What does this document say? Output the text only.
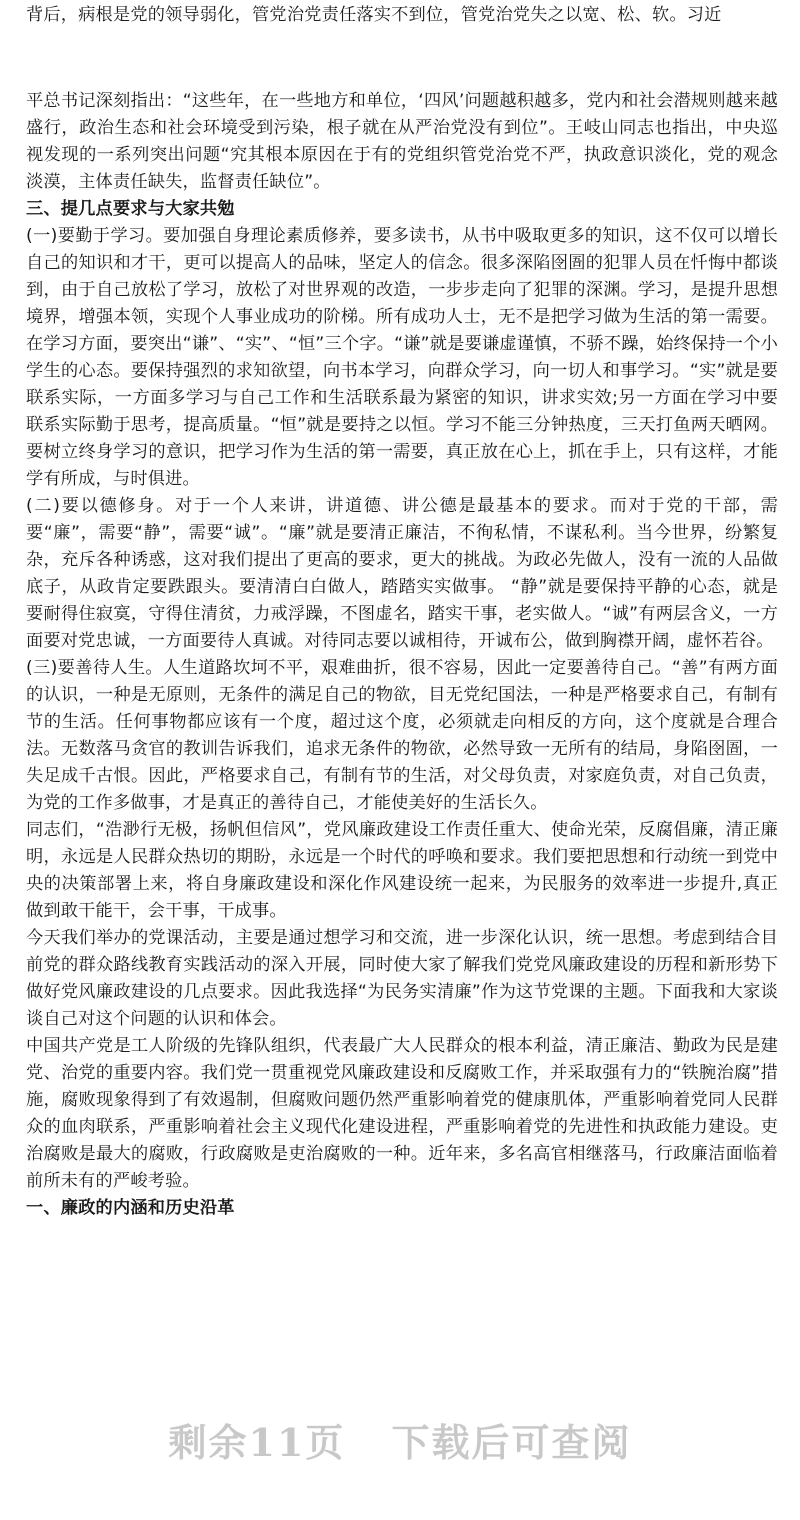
背后，病根是党的领导弱化，管党治党责任落实不到位，管党治党失之以宽、松、软。习近

平总书记深刻指出：“这些年，在一些地方和单位，‘四风’问题越积越多，党内和社会潜规则越来越盛行，政治生态和社会环境受到污染，根子就在从严治党没有到位”。王岐山同志也指出，中央巡视发现的一系列突出问题“究其根本原因在于有的党组织管党治党不严，执政意识淡化，党的观念淡漠，主体责任缺失，监督责任缺位”。

三、提几点要求与大家共勉

(一)要勤于学习。要加强自身理论素质修养，要多读书，从书中吸取更多的知识，这不仅可以增长自己的知识和才干，更可以提高人的品味，坚定人的信念。很多深陷囹圄的犯罪人员在忏悔中都谈到，由于自己放松了学习，放松了对世界观的改造，一步步走向了犯罪的深渊。学习，是提升思想境界，增强本领，实现个人事业成功的阶梯。所有成功人士，无不是把学习做为生活的第一需要。在学习方面，要突出“谦”、“实”、“恒”三个字。“谦”就是要谦虚谨慎，不骄不躁，始终保持一个小学生的心态。要保持强烈的求知欲望，向书本学习，向群众学习，向一切人和事学习。“实”就是要联系实际，一方面多学习与自己工作和生活联系最为紧密的知识，讲求实效;另一方面在学习中要联系实际勤于思考，提高质量。“恒”就是要持之以恒。学习不能三分钟热度，三天打鱼两天晒网。要树立终身学习的意识，把学习作为生活的第一需要，真正放在心上，抓在手上，只有这样，才能学有所成，与时俱进。

(二)要以德修身。对于一个人来讲，讲道德、讲公德是最基本的要求。而对于党的干部，需要“廉”，需要“静”，需要“诚”。“廉”就是要清正廉洁，不徇私情，不谋私利。当今世界，纷繁复杂，充斥各种诱惑，这对我们提出了更高的要求，更大的挑战。为政必先做人，没有一流的人品做底子，从政肯定要跌跟头。要清清白白做人，踏踏实实做事。 “静”就是要保持平静的心态，就是要耐得住寂寞，守得住清贫，力戒浮躁，不图虚名，踏实干事，老实做人。“诚”有两层含义，一方面要对党忠诚，一方面要待人真诚。对待同志要以诚相待，开诚布公，做到胸襟开阔，虚怀若谷。

(三)要善待人生。人生道路坎坷不平，艰难曲折，很不容易，因此一定要善待自己。“善”有两方面的认识，一种是无原则，无条件的满足自己的物欲，目无党纪国法，一种是严格要求自己，有制有节的生活。任何事物都应该有一个度，超过这个度，必须就走向相反的方向，这个度就是合理合法。无数落马贪官的教训告诉我们，追求无条件的物欲，必然导致一无所有的结局，身陷囹圄，一失足成千古恨。因此，严格要求自己，有制有节的生活，对父母负责，对家庭负责，对自己负责，为党的工作多做事，才是真正的善待自己，才能使美好的生活长久。

同志们，“浩渺行无极，扬帆但信风”，党风廉政建设工作责任重大、使命光荣，反腐倡廉，清正廉明，永远是人民群众热切的期盼，永远是一个时代的呼唤和要求。我们要把思想和行动统一到党中央的决策部署上来，将自身廉政建设和深化作风建设统一起来，为民服务的效率进一步提升,真正做到敢干能干，会干事，干成事。

今天我们举办的党课活动，主要是通过想学习和交流，进一步深化认识，统一思想。考虑到结合目前党的群众路线教育实践活动的深入开展，同时使大家了解我们党党风廉政建设的历程和新形势下做好党风廉政建设的几点要求。因此我选择“为民务实清廉”作为这节党课的主题。下面我和大家谈谈自己对这个问题的认识和体会。

中国共产党是工人阶级的先锋队组织，代表最广大人民群众的根本利益，清正廉洁、勤政为民是建党、治党的重要内容。我们党一贯重视党风廉政建设和反腐败工作，并采取强有力的“铁腕治腐”措施，腐败现象得到了有效遏制，但腐败问题仍然严重影响着党的健康肌体，严重影响着党同人民群众的血肉联系，严重影响着社会主义现代化建设进程，严重影响着党的先进性和执政能力建设。吏治腐败是最大的腐败，行政腐败是吏治腐败的一种。近年来，多名高官相继落马，行政廉洁面临着前所未有的严峻考验。

一、廉政的内涵和历史沿革

剩余11页 下载后可查阅
